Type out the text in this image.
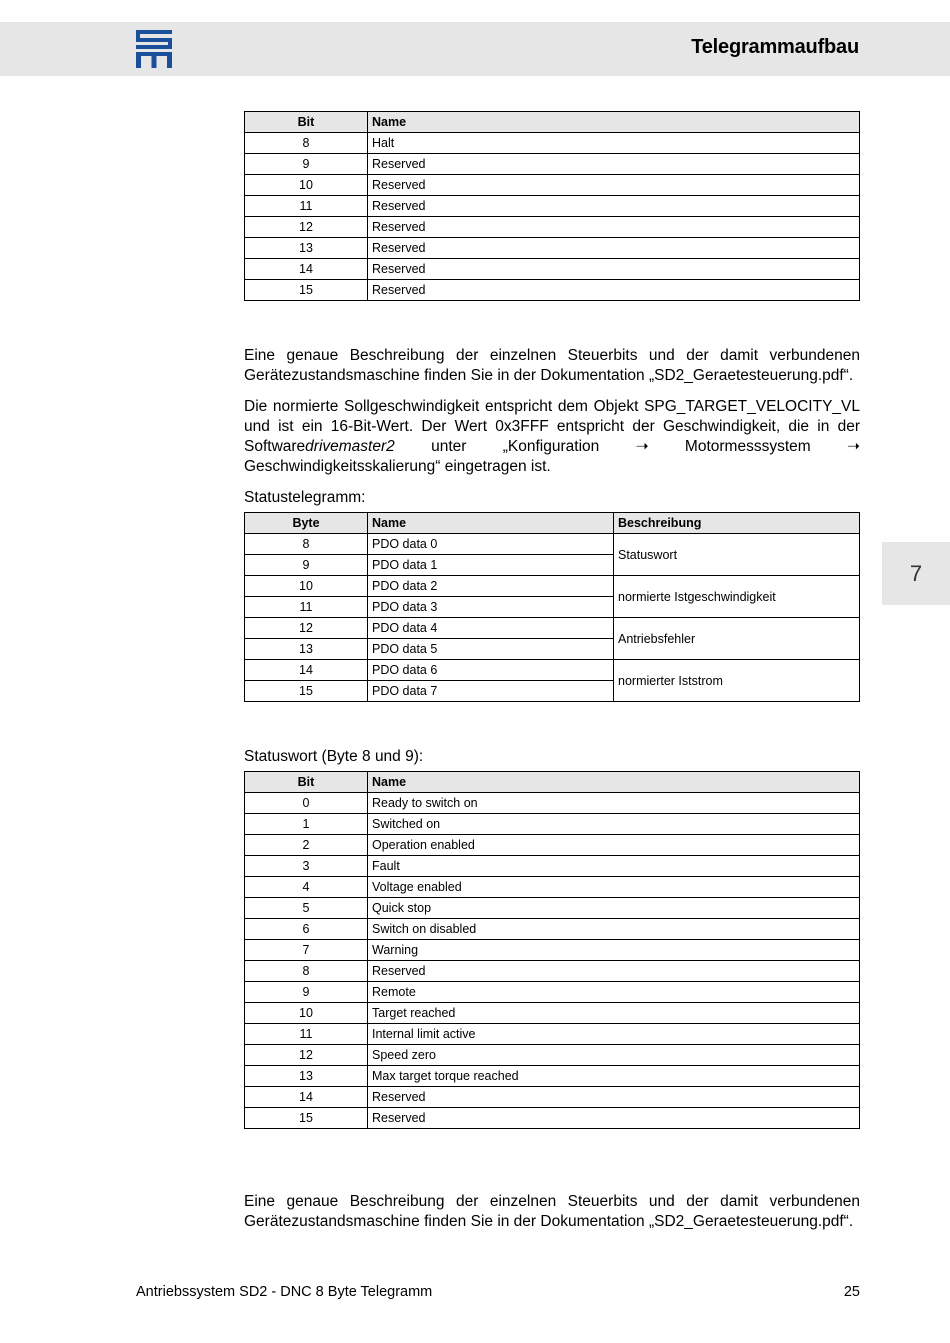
Telegrammaufbau
7
Bit	Name
8	Halt
9	Reserved
10	Reserved
11	Reserved
12	Reserved
13	Reserved
14	Reserved
15	Reserved

Eine genaue Beschreibung der einzelnen Steuerbits und der damit verbundenen Gerätezustandsmaschine finden Sie in der Dokumentation „SD2_Geraetesteuerung.pdf“.

Die normierte Sollgeschwindigkeit entspricht dem Objekt SPG_TARGET_VELOCITY_VL und ist ein 16-Bit-Wert. Der Wert 0x3FFF entspricht der Geschwindigkeit, die in der Softwaredrivemaster2 unter „Konfiguration ➝ Motormesssystem ➝ Geschwindigkeitsskalierung“ eingetragen ist.

Statustelegramm:

Byte	Name	Beschreibung
8	PDO data 0	Statuswort
9	PDO data 1	
10	PDO data 2	normierte Istgeschwindigkeit
11	PDO data 3	
12	PDO data 4	Antriebsfehler
13	PDO data 5	
14	PDO data 6	normierter Iststrom
15	PDO data 7	

Statuswort (Byte 8 und 9):

Bit	Name
0	Ready to switch on
1	Switched on
2	Operation enabled
3	Fault
4	Voltage enabled
5	Quick stop
6	Switch on disabled
7	Warning
8	Reserved
9	Remote
10	Target reached
11	Internal limit active
12	Speed zero
13	Max target torque reached
14	Reserved
15	Reserved

Eine genaue Beschreibung der einzelnen Steuerbits und der damit verbundenen Gerätezustandsmaschine finden Sie in der Dokumentation „SD2_Geraetesteuerung.pdf“.

Antriebssystem SD2 - DNC 8 Byte Telegramm	25
